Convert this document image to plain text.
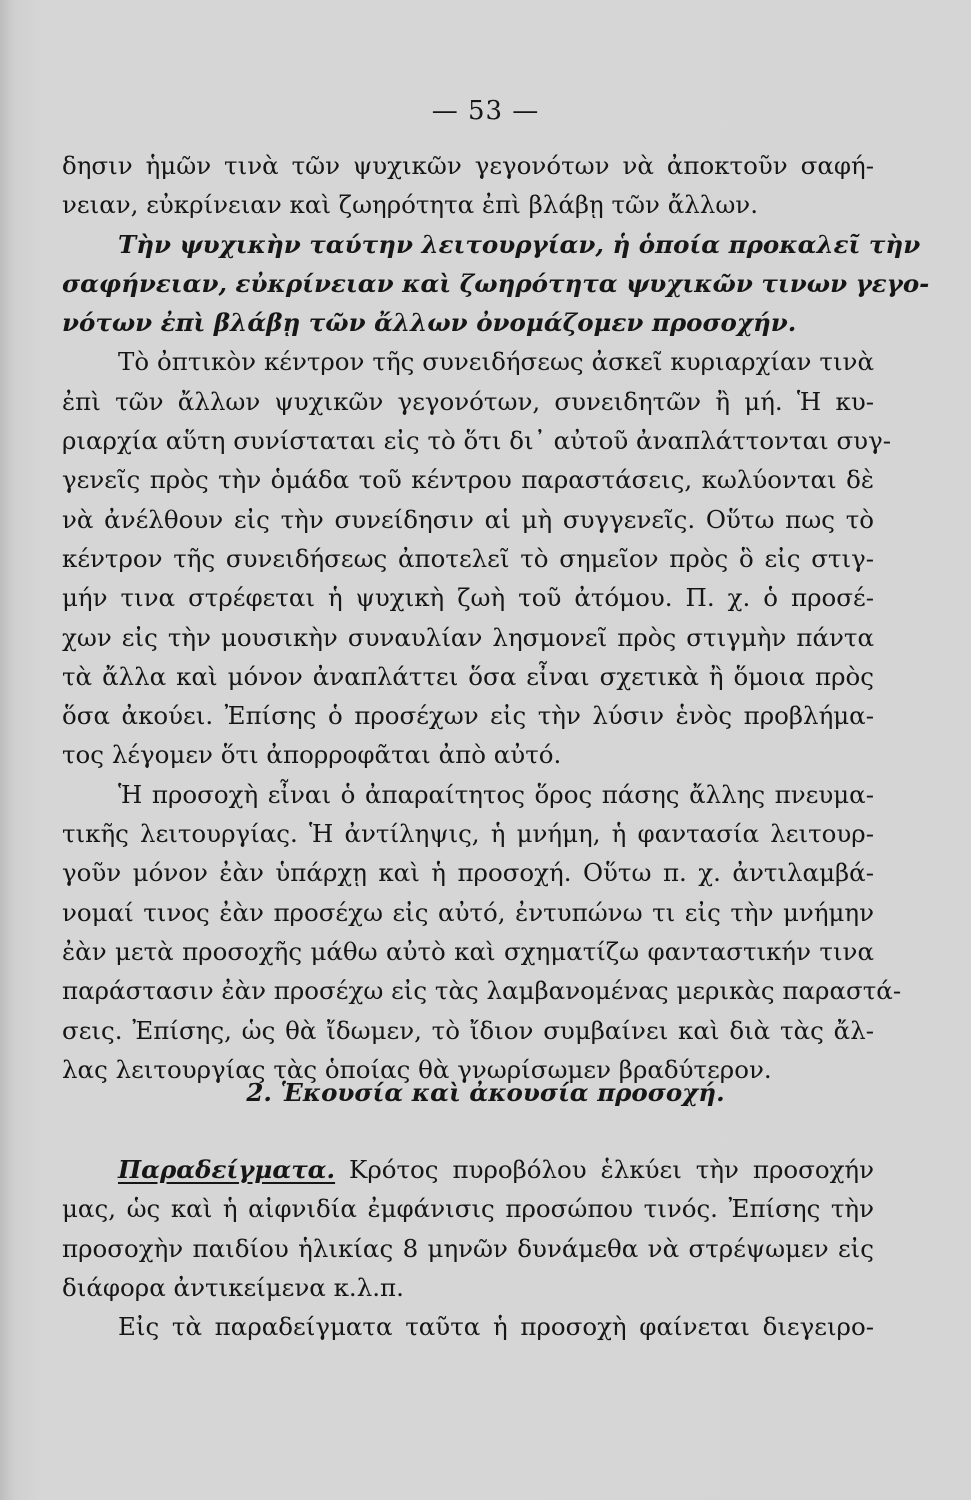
— 53 —
δησιν ἡμῶν τινὰ τῶν ψυχικῶν γεγονότων νὰ ἀποκτοῦν σαφή-
νειαν, εὐκρίνειαν καὶ ζωηρότητα ἐπὶ βλάβῃ τῶν ἄλλων.
Τὴν ψυχικὴν ταύτην λειτουργίαν, ἡ ὁποία προκαλεῖ τὴν
σαφήνειαν, εὐκρίνειαν καὶ ζωηρότητα ψυχικῶν τινων γεγο-
νότων ἐπὶ βλάβῃ τῶν ἄλλων ὀνομάζομεν προσοχήν.
Τὸ ὀπτικὸν κέντρον τῆς συνειδήσεως ἀσκεῖ κυριαρχίαν τινὰ
ἐπὶ τῶν ἄλλων ψυχικῶν γεγονότων, συνειδητῶν ἢ μή. Ἡ κυ-
ριαρχία αὕτη συνίσταται εἰς τὸ ὅτι δι᾽ αὐτοῦ ἀναπλάττονται συγ-
γενεῖς πρὸς τὴν ὁμάδα τοῦ κέντρου παραστάσεις, κωλύονται δὲ
νὰ ἀνέλθουν εἰς τὴν συνείδησιν αἱ μὴ συγγενεῖς. Οὕτω πως τὸ
κέντρον τῆς συνειδήσεως ἀποτελεῖ τὸ σημεῖον πρὸς ὃ εἰς στιγ-
μήν τινα στρέφεται ἡ ψυχικὴ ζωὴ τοῦ ἀτόμου. Π. χ. ὁ προσέ-
χων εἰς τὴν μουσικὴν συναυλίαν λησμονεῖ πρὸς στιγμὴν πάντα
τὰ ἄλλα καὶ μόνον ἀναπλάττει ὅσα εἶναι σχετικὰ ἢ ὅμοια πρὸς
ὅσα ἀκούει. Ἐπίσης ὁ προσέχων εἰς τὴν λύσιν ἑνὸς προβλήμα-
τος λέγομεν ὅτι ἀπορροφᾶται ἀπὸ αὐτό.
Ἡ προσοχὴ εἶναι ὁ ἀπαραίτητος ὅρος πάσης ἄλλης πνευμα-
τικῆς λειτουργίας. Ἡ ἀντίληψις, ἡ μνήμη, ἡ φαντασία λειτουρ-
γοῦν μόνον ἐὰν ὑπάρχῃ καὶ ἡ προσοχή. Οὕτω π. χ. ἀντιλαμβά-
νομαί τινος ἐὰν προσέχω εἰς αὐτό, ἐντυπώνω τι εἰς τὴν μνήμην
ἐὰν μετὰ προσοχῆς μάθω αὐτὸ καὶ σχηματίζω φανταστικήν τινα
παράστασιν ἐὰν προσέχω εἰς τὰς λαμβανομένας μερικὰς παραστά-
σεις. Ἐπίσης, ὡς θὰ ἴδωμεν, τὸ ἴδιον συμβαίνει καὶ διὰ τὰς ἄλ-
λας λειτουργίας τὰς ὁποίας θὰ γνωρίσωμεν βραδύτερον.
2. Ἑκουσία καὶ ἀκουσία προσοχή.
Παραδείγματα. Κρότος πυροβόλου ἑλκύει τὴν προσοχήν
μας, ὡς καὶ ἡ αἰφνιδία ἐμφάνισις προσώπου τινός. Ἐπίσης τὴν
προσοχὴν παιδίου ἡλικίας 8 μηνῶν δυνάμεθα νὰ στρέψωμεν εἰς
διάφορα ἀντικείμενα κ.λ.π.
Εἰς τὰ παραδείγματα ταῦτα ἡ προσοχὴ φαίνεται διεγειρο-
